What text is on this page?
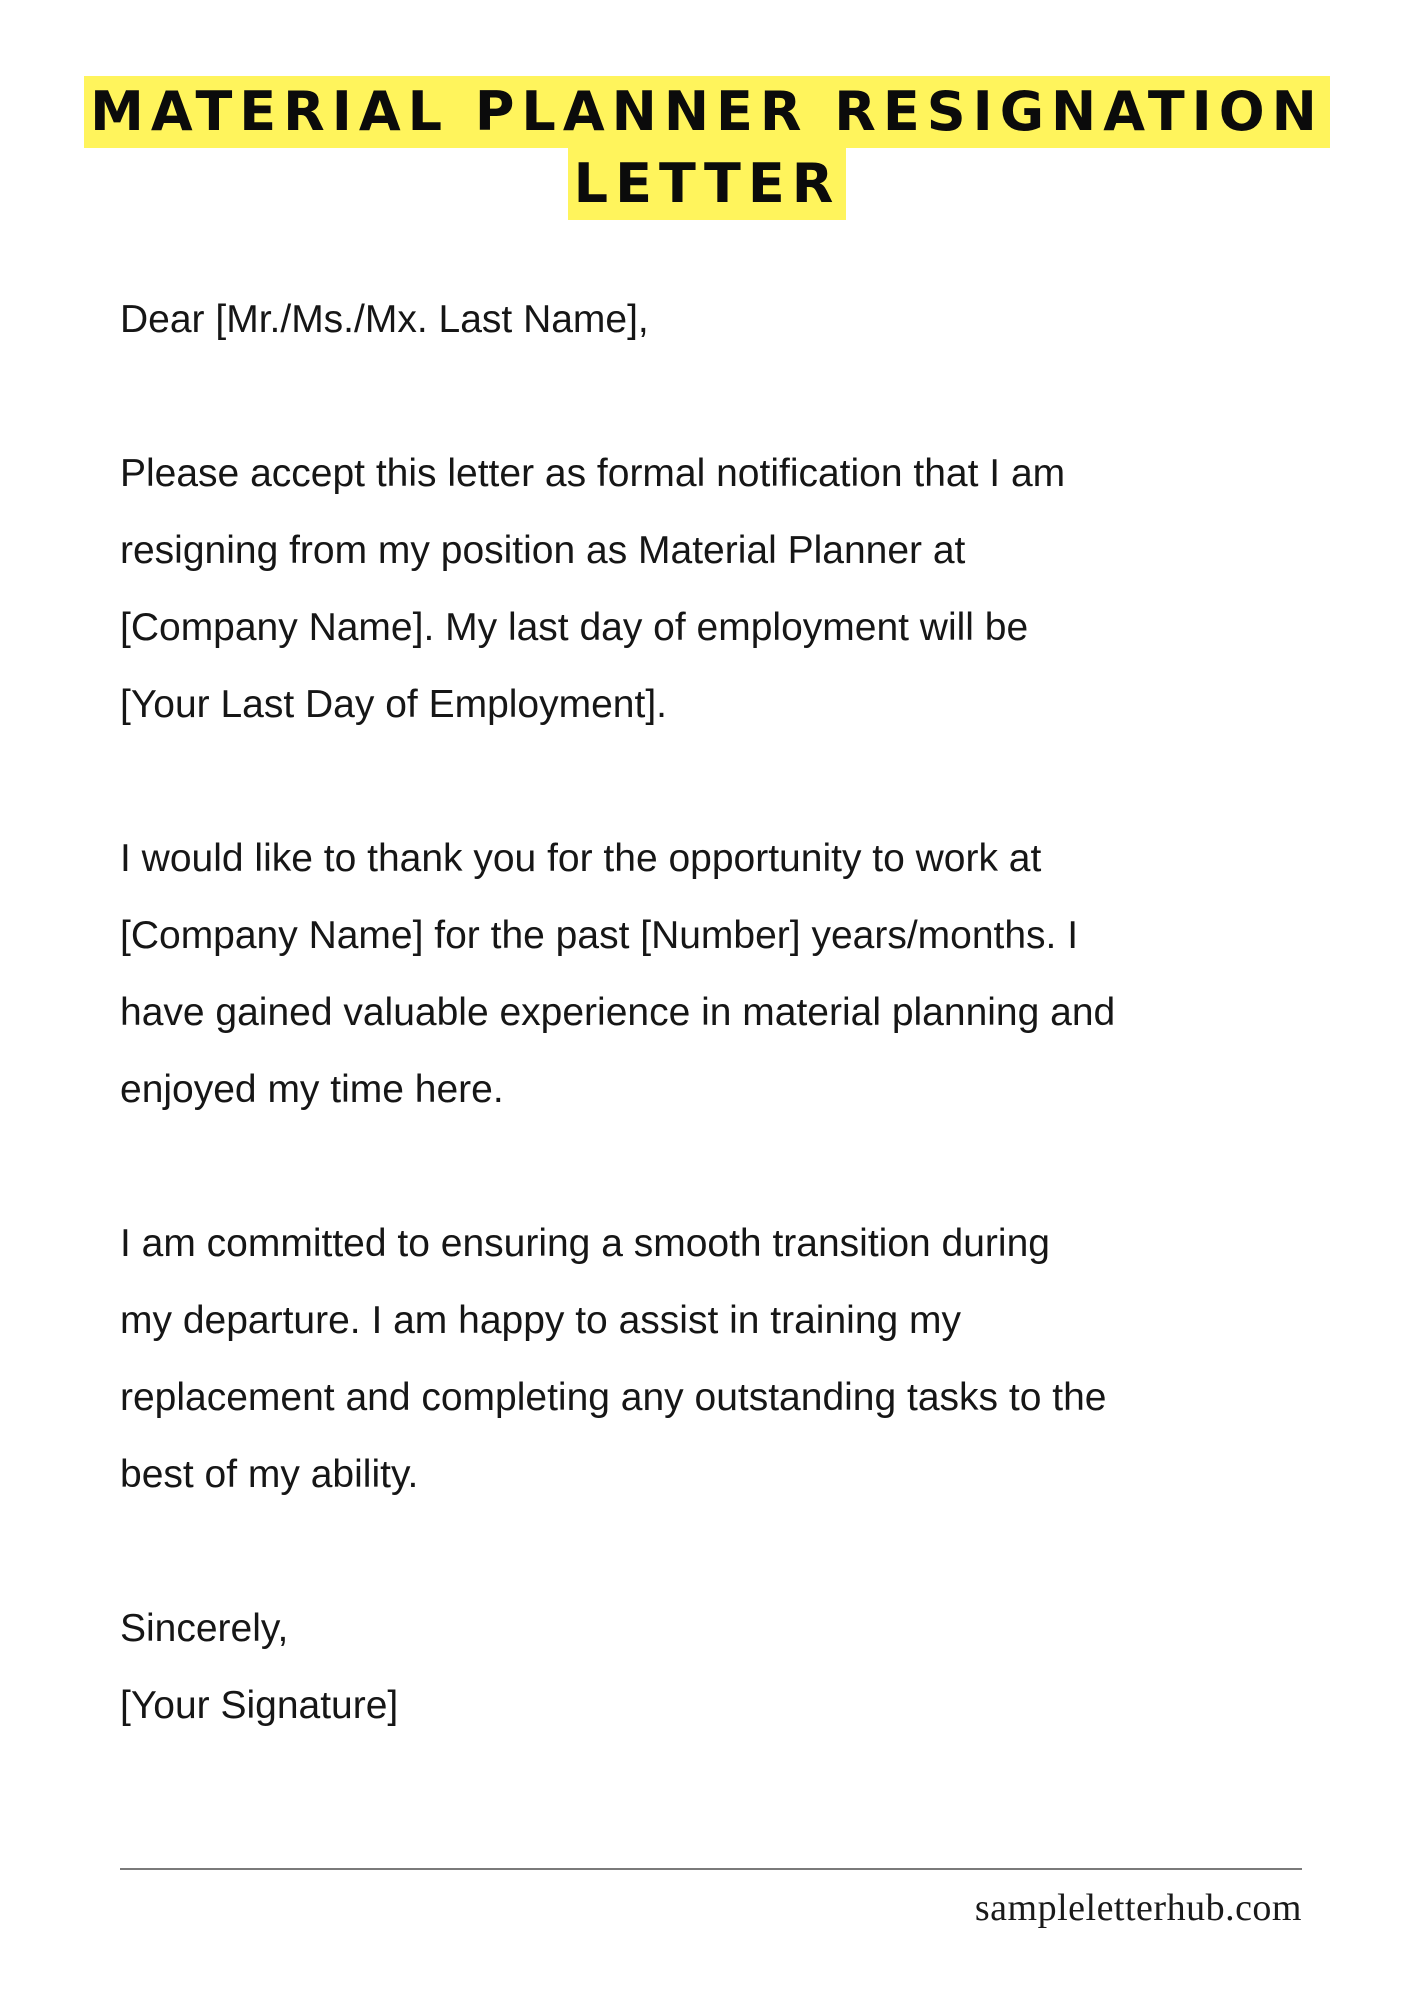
MATERIAL PLANNER RESIGNATION
LETTER

Dear [Mr./Ms./Mx. Last Name],

Please accept this letter as formal notification that I am

resigning from my position as Material Planner at

[Company Name]. My last day of employment will be

[Your Last Day of Employment].

I would like to thank you for the opportunity to work at

[Company Name] for the past [Number] years/months. I

have gained valuable experience in material planning and

enjoyed my time here.

I am committed to ensuring a smooth transition during

my departure. I am happy to assist in training my

replacement and completing any outstanding tasks to the

best of my ability.

Sincerely,

[Your Signature]

sampleletterhub.com
